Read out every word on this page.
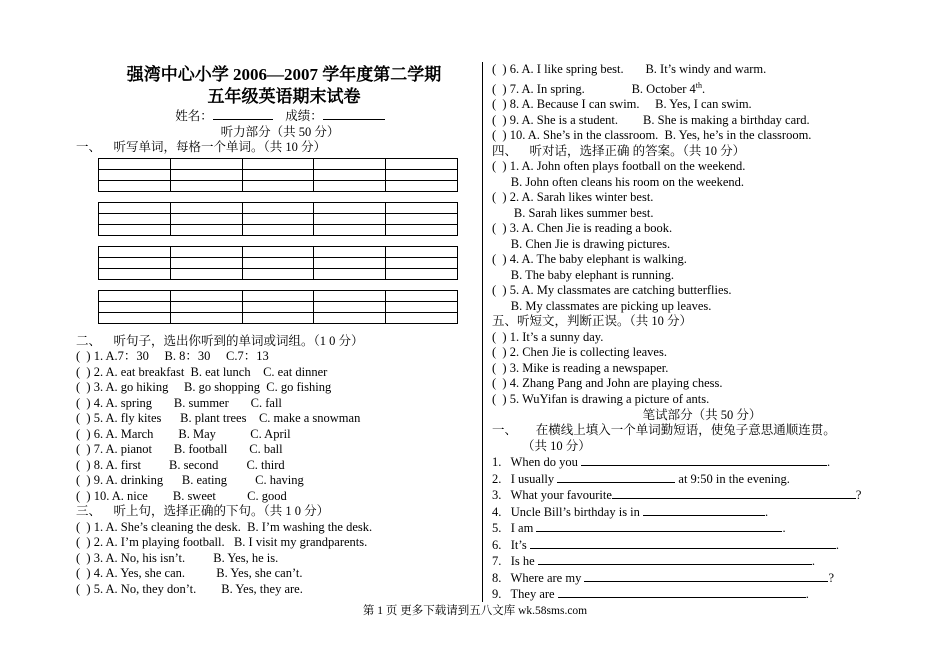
强湾中心小学 2006—2007 学年度第二学期
五年级英语期末试卷
姓名：	成绩：
听力部分（共 50 分）
一、    听写单词，每格一个单词。（共 10 分）

二、    听句子，选出你听到的单词或词组。（1 0 分）
(  ) 1. A.7：30     B. 8：30     C.7：13
(  ) 2. A. eat breakfast  B. eat lunch    C. eat dinner
(  ) 3. A. go hiking     B. go shopping  C. go fishing
(  ) 4. A. spring       B. summer       C. fall
(  ) 5. A. fly kites      B. plant trees    C. make a snowman
(  ) 6. A. March        B. May           C. April
(  ) 7. A. pianot       B. football       C. ball
(  ) 8. A. first         B. second         C. third
(  ) 9. A. drinking      B. eating         C. having
(  ) 10. A. nice        B. sweet          C. good
三、    听上句，选择正确的下句。（共 1 0 分）
(  ) 1. A. She’s cleaning the desk.  B. I’m washing the desk.
(  ) 2. A. I’m playing football.   B. I visit my grandparents.
(  ) 3. A. No, his isn’t.         B. Yes, he is.
(  ) 4. A. Yes, she can.          B. Yes, she can’t.
(  ) 5. A. No, they don’t.        B. Yes, they are.
(  ) 6. A. I like spring best.       B. It’s windy and warm.
(  ) 7. A. In spring.               B. October 4th.
(  ) 8. A. Because I can swim.     B. Yes, I can swim.
(  ) 9. A. She is a student.        B. She is making a birthday card.
(  ) 10. A. She’s in the classroom.  B. Yes, he’s in the classroom.
四、    听对话，选择正确 的答案。（共 10 分）
(  ) 1. A. John often plays football on the weekend.
B. John often cleans his room on the weekend.
(  ) 2. A. Sarah likes winter best.
B. Sarah likes summer best.
(  ) 3. A. Chen Jie is reading a book.
B. Chen Jie is drawing pictures.
(  ) 4. A. The baby elephant is walking.
B. The baby elephant is running.
(  ) 5. A. My classmates are catching butterflies.
B. My classmates are picking up leaves.
五、听短文，判断正误。（共 10 分）
(  ) 1. It’s a sunny day.
(  ) 2. Chen Jie is collecting leaves.
(  ) 3. Mike is reading a newspaper.
(  ) 4. Zhang Pang and John are playing chess.
(  ) 5. WuYifan is drawing a picture of ants.
笔试部分（共 50 分）
一、      在横线上填入一个单词勤短语，使兔子意思通顺连贯。
（共 10 分）
1.   When do you	.
2.   I usually	at 9:50 in the evening.
3.   What your favourite	?
4.   Uncle Bill’s birthday is in	.
5.   I am	.
6.   It’s	.
7.   Is he	.
8.   Where are my	?
9.   They are	.
第 1 页 更多下载请到五八文库 wk.58sms.com
